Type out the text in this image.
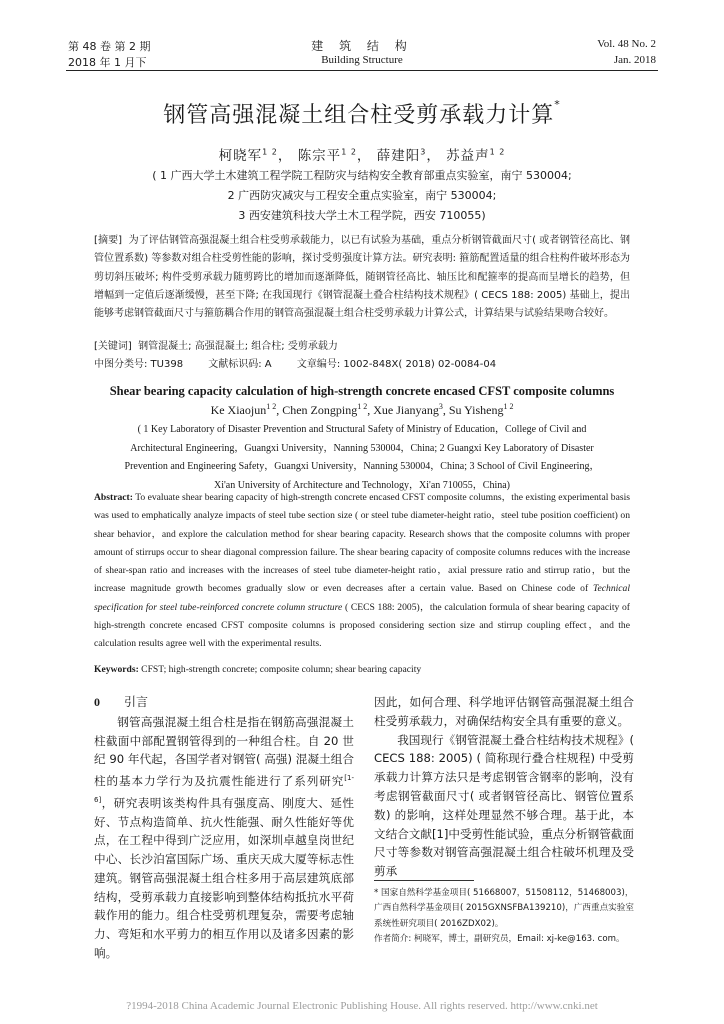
第 48 卷 第 2 期
2018 年 1 月下
建 筑 结 构
Building Structure
Vol. 48 No. 2
Jan. 2018
钢管高强混凝土组合柱受剪承载力计算*
柯晓军$^{1 2}$， 陈宗平$^{1 2}$， 薛建阳$^3$， 苏益声$^{1 2}$
( 1 广西大学土木建筑工程学院工程防灾与结构安全教育部重点实验室，南宁 530004;
2 广西防灾减灾与工程安全重点实验室，南宁 530004;
3 西安建筑科技大学土木工程学院，西安 710055)
[摘要] 为了评估钢管高强混凝土组合柱受剪承载能力，以已有试验为基础，重点分析钢管截面尺寸( 或者钢管径高比、钢管位置系数) 等参数对组合柱受剪性能的影响，探讨受剪强度计算方法。研究表明: 箍筋配置适量的组合柱构件破坏形态为剪切斜压破坏; 构件受剪承载力随剪跨比的增加而逐渐降低，随钢管径高比、轴压比和配箍率的提高而呈增长的趋势，但增幅到一定值后逐渐缓慢，甚至下降; 在我国现行《钢管混凝土叠合柱结构技术规程》( CECS 188: 2005) 基础上，提出能够考虑钢管截面尺寸与箍筋耦合作用的钢管高强混凝土组合柱受剪承载力计算公式，计算结果与试验结果吻合较好。
[关键词] 钢管混凝土; 高强混凝土; 组合柱; 受剪承载力
中图分类号: TU398	文献标识码: A	文章编号: 1002-848X( 2018) 02-0084-04
Shear bearing capacity calculation of high-strength concrete encased CFST composite columns
Ke Xiaojun$^{1 2}$, Chen Zongping$^{1 2}$, Xue Jianyang$^3$, Su Yisheng$^{1 2}$
( 1 Key Laboratory of Disaster Prevention and Structural Safety of Ministry of Education，College of Civil and
Architectural Engineering，Guangxi University，Nanning 530004，China; 2 Guangxi Key Laboratory of Disaster
Prevention and Engineering Safety，Guangxi University，Nanning 530004，China; 3 School of Civil Engineering，
Xi'an University of Architecture and Technology，Xi'an 710055，China)
Abstract: To evaluate shear bearing capacity of high-strength concrete encased CFST composite columns，the existing experimental basis was used to emphatically analyze impacts of steel tube section size ( or steel tube diameter-height ratio，steel tube position coefficient) on shear behavior，and explore the calculation method for shear bearing capacity. Research shows that the composite columns with proper amount of stirrups occur to shear diagonal compression failure. The shear bearing capacity of composite columns reduces with the increase of shear-span ratio and increases with the increases of steel tube diameter-height ratio，axial pressure ratio and stirrup ratio，but the increase magnitude growth becomes gradually slow or even decreases after a certain value. Based on Chinese code of Technical specification for steel tube-reinforced concrete column structure ( CECS 188: 2005)，the calculation formula of shear bearing capacity of high-strength concrete encased CFST composite columns is proposed considering section size and stirrup coupling effect，and the calculation results agree well with the experimental results.
Keywords: CFST; high-strength concrete; composite column; shear bearing capacity
0 引言

钢管高强混凝土组合柱是指在钢筋高强混凝土柱截面中部配置钢管得到的一种组合柱。自 20 世纪 90 年代起，各国学者对钢管( 高强) 混凝土组合柱的基本力学行为及抗震性能进行了系列研究[1-6]，研究表明该类构件具有强度高、刚度大、延性好、节点构造简单、抗火性能强、耐久性能好等优点，在工程中得到广泛应用，如深圳卓越皇岗世纪中心、长沙泊富国际广场、重庆天成大厦等标志性建筑。钢管高强混凝土组合柱多用于高层建筑底部结构，受剪承载力直接影响到整体结构抵抗水平荷载作用的能力。组合柱受剪机理复杂，需要考虑轴力、弯矩和水平剪力的相互作用以及诸多因素的影响。

因此，如何合理、科学地评估钢管高强混凝土组合柱受剪承载力，对确保结构安全具有重要的意义。

我国现行《钢管混凝土叠合柱结构技术规程》( CECS 188: 2005) ( 简称现行叠合柱规程) 中受剪承载力计算方法只是考虑钢管含钢率的影响，没有考虑钢管截面尺寸( 或者钢管径高比、钢管位置系数) 的影响，这样处理显然不够合理。基于此，本文结合文献[1]中受剪性能试验，重点分析钢管截面尺寸等参数对钢管高强混凝土组合柱破坏机理及受剪承

* 国家自然科学基金项目( 51668007，51508112，51468003)，广西自然科学基金项目( 2015GXNSFBA139210)，广西重点实验室系统性研究项目( 2016ZDX02)。
作者简介: 柯晓军，博士，副研究员，Email: xj-ke@163. com。
?1994-2018 China Academic Journal Electronic Publishing House. All rights reserved. http://www.cnki.net
